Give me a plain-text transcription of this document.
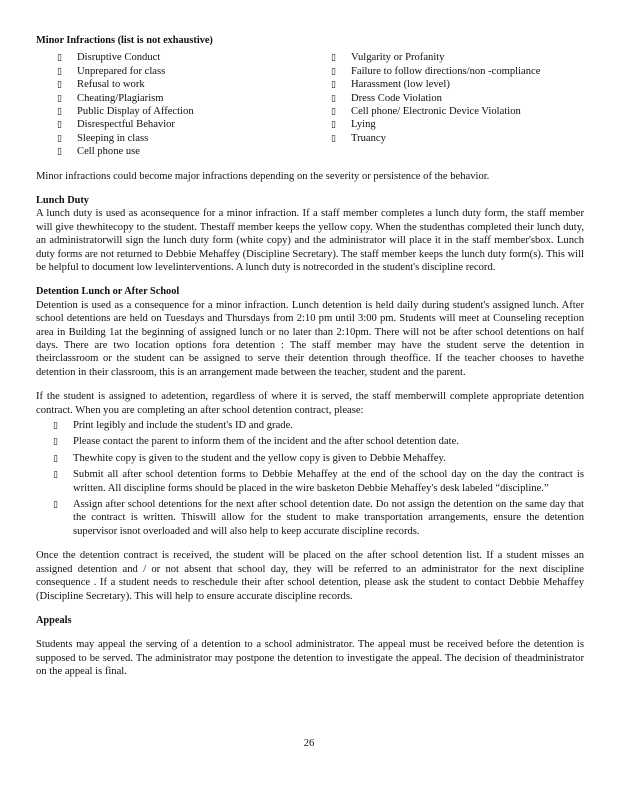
Minor Infractions (list is not exhaustive)
▯ Disruptive Conduct
▯ Unprepared for class
▯ Refusal to work
▯ Cheating/Plagiarism
▯ Public Display of Affection
▯ Disrespectful Behavior
▯ Sleeping in class
▯ Cell phone use
▯ Vulgarity or Profanity
▯ Failure to follow directions/non -compliance
▯ Harassment (low level)
▯ Dress Code Violation
▯ Cell phone/ Electronic Device Violation
▯ Lying
▯ Truancy

Minor infractions could become major infractions depending on the severity or persistence of the behavior.

Lunch Duty

A lunch duty is used as aconsequence for a minor infraction. If a staff member completes a lunch duty form, the staff member will give thewhitecopy to the student. Thestaff member keeps the yellow copy. When the studenthas completed their lunch duty, an administratorwill sign the lunch duty form (white copy) and the administrator will place it in the staff member'sbox. Lunch duty forms are not returned to Debbie Mehaffey (Discipline Secretary). The staff member keeps the lunch duty form(s). This will be helpful to document low levelinterventions. A lunch duty is notrecorded in the student's discipline record.

Detention Lunch or After School

Detention is used as a consequence for a minor infraction. Lunch detention is held daily during student's assigned lunch. After school detentions are held on Tuesdays and Thursdays from 2:10 pm until 3:00 pm. Students will meet at Counseling reception area in Building 1at the beginning of assigned lunch or no later than 2:10pm. There will not be after school detentions on half days. There are two location options fora detention : The staff member may have the student serve the detention in theirclassroom or the student can be assigned to serve their detention through theoffice. If the teacher chooses to havethe detention in their classroom, this is an arrangement made between the teacher, student and the parent.

If the student is assigned to adetention, regardless of where it is served, the staff memberwill complete appropriate detention contract. When you are completing an after school detention contract, please:

▯ Print legibly and include the student's ID and grade.
▯ Please contact the parent to inform them of the incident and the after school detention date.
▯ Thewhite copy is given to the student and the yellow copy is given to Debbie Mehaffey.
▯ Submit all after school detention forms to Debbie Mehaffey at the end of the school day on the day the contract is written. All discipline forms should be placed in the wire basketon Debbie Mehaffey's desk labeled “discipline.”
▯ Assign after school detentions for the next after school detention date. Do not assign the detention on the same day that the contract is written. Thiswill allow for the student to make transportation arrangements, ensure the detention supervisor isnot overloaded and will also help to keep accurate discipline records.

Once the detention contract is received, the student will be placed on the after school detention list. If a student misses an assigned detention and / or not absent that school day, they will be referred to an administrator for the next discipline consequence . If a student needs to reschedule their after school detention, please ask the student to contact Debbie Mehaffey (Discipline Secretary). This will help to ensure accurate discipline records.

Appeals

Students may appeal the serving of a detention to a school administrator. The appeal must be received before the detention is supposed to be served. The administrator may postpone the detention to investigate the appeal. The decision of theadministrator on the appeal is final.

26
